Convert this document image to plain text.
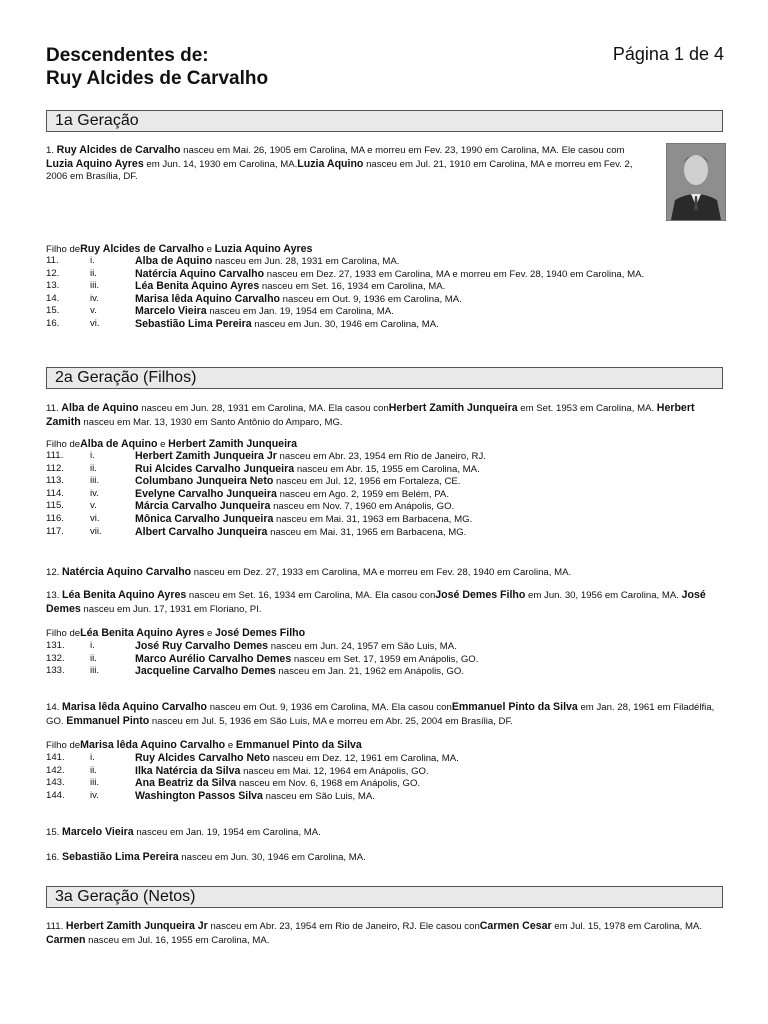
Descendentes de:
Ruy Alcides de Carvalho
Página 1 de 4
1a Geração
1. Ruy Alcides de Carvalho nasceu em Mai. 26, 1905 em Carolina, MA e morreu em Fev. 23, 1990 em Carolina, MA. Ele casou com Luzia Aquino Ayres em Jun. 14, 1930 em Carolina, MA.Luzia Aquino nasceu em Jul. 21, 1910 em Carolina, MA e morreu em Fev. 2, 2006 em Brasília, DF.
Filho deRuy Alcides de Carvalho e Luzia Aquino Ayres
11.	i.	Alba de Aquino nasceu em Jun. 28, 1931 em Carolina, MA.
12.	ii.	Natércia Aquino Carvalho nasceu em Dez. 27, 1933 em Carolina, MA e morreu em Fev. 28, 1940 em Carolina, MA.
13.	iii.	Léa Benita Aquino Ayres nasceu em Set. 16, 1934 em Carolina, MA.
14.	iv.	Marisa lêda Aquino Carvalho nasceu em Out. 9, 1936 em Carolina, MA.
15.	v.	Marcelo Vieira nasceu em Jan. 19, 1954 em Carolina, MA.
16.	vi.	Sebastião Lima Pereira nasceu em Jun. 30, 1946 em Carolina, MA.
2a Geração (Filhos)
11. Alba de Aquino nasceu em Jun. 28, 1931 em Carolina, MA. Ela casou conHerbert Zamith Junqueira em Set. 1953 em Carolina, MA. Herbert Zamith nasceu em Mar. 13, 1930 em Santo Antônio do Amparo, MG.
Filho deAlba de Aquino e Herbert Zamith Junqueira
111.	i.	Herbert Zamith Junqueira Jr nasceu em Abr. 23, 1954 em Rio de Janeiro, RJ.
112.	ii.	Rui Alcides Carvalho Junqueira nasceu em Abr. 15, 1955 em Carolina, MA.
113.	iii.	Columbano Junqueira Neto nasceu em Jul. 12, 1956 em Fortaleza, CE.
114.	iv.	Evelyne Carvalho Junqueira nasceu em Ago. 2, 1959 em Belém, PA.
115.	v.	Márcia Carvalho Junqueira nasceu em Nov. 7, 1960 em Anápolis, GO.
116.	vi.	Mônica Carvalho Junqueira nasceu em Mai. 31, 1963 em Barbacena, MG.
117.	vii.	Albert Carvalho Junqueira nasceu em Mai. 31, 1965 em Barbacena, MG.
12. Natércia Aquino Carvalho nasceu em Dez. 27, 1933 em Carolina, MA e morreu em Fev. 28, 1940 em Carolina, MA.
13. Léa Benita Aquino Ayres nasceu em Set. 16, 1934 em Carolina, MA. Ela casou conJosé Demes Filho em Jun. 30, 1956 em Carolina, MA. José Demes nasceu em Jun. 17, 1931 em Floriano, PI.
Filho deLéa Benita Aquino Ayres e José Demes Filho
131.	i.	José Ruy Carvalho Demes nasceu em Jun. 24, 1957 em São Luis, MA.
132.	ii.	Marco Aurélio Carvalho Demes nasceu em Set. 17, 1959 em Anápolis, GO.
133.	iii.	Jacqueline Carvalho Demes nasceu em Jan. 21, 1962 em Anápolis, GO.
14. Marisa lêda Aquino Carvalho nasceu em Out. 9, 1936 em Carolina, MA. Ela casou conEmmanuel Pinto da Silva em Jan. 28, 1961 em Filadélfia, GO. Emmanuel Pinto nasceu em Jul. 5, 1936 em São Luis, MA e morreu em Abr. 25, 2004 em Brasília, DF.
Filho deMarisa lêda Aquino Carvalho e Emmanuel Pinto da Silva
141.	i.	Ruy Alcides Carvalho Neto nasceu em Dez. 12, 1961 em Carolina, MA.
142.	ii.	Ilka Natércia da Silva nasceu em Mai. 12, 1964 em Anápolis, GO.
143.	iii.	Ana Beatriz da Silva nasceu em Nov. 6, 1968 em Anápolis, GO.
144.	iv.	Washington Passos Silva nasceu em São Luis, MA.
15. Marcelo Vieira nasceu em Jan. 19, 1954 em Carolina, MA.
16. Sebastião Lima Pereira nasceu em Jun. 30, 1946 em Carolina, MA.
3a Geração (Netos)
111. Herbert Zamith Junqueira Jr nasceu em Abr. 23, 1954 em Rio de Janeiro, RJ. Ele casou conCarmen Cesar em Jul. 15, 1978 em Carolina, MA. Carmen nasceu em Jul. 16, 1955 em Carolina, MA.
